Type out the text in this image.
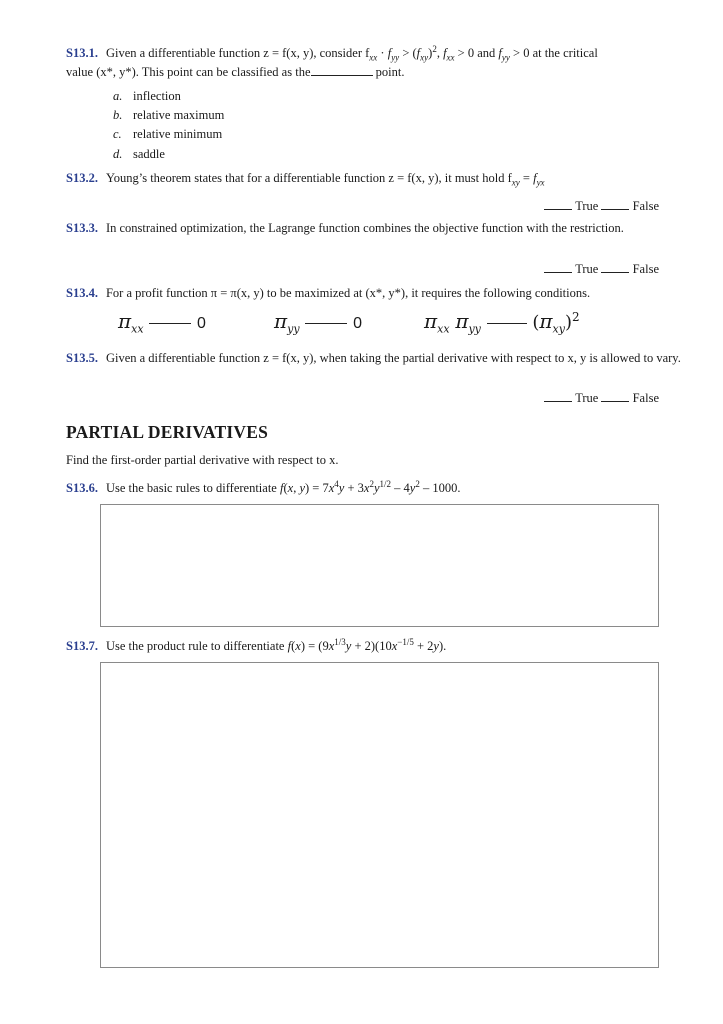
S13.1. Given a differentiable function z = f(x, y), consider $f_{xx} \cdot f_{yy} > (f_{xy})^2$, $f_{xx} > 0$ and $f_{yy} > 0$ at the critical
value (x*, y*). This point can be classified as the	point.
a. inflection
b. relative maximum
c. relative minimum
d. saddle
S13.2. Young’s theorem states that for a differentiable function z = f(x, y), it must hold $f_{xy} = f_{yx}$
True	False
S13.3. In constrained optimization, the Lagrange function combines the objective function with the restriction.
True	False
S13.4. For a profit function π = π(x, y) to be maximized at (x*, y*), it requires the following conditions.
$\pi_{xx}$	0	$\pi_{yy}$	0	$\pi_{xx}$ $\pi_{yy}$	$(\pi_{xy})^2$
S13.5. Given a differentiable function z = f(x, y), when taking the partial derivative with respect to x, y is allowed to vary.
True	False
PARTIAL DERIVATIVES
Find the first-order partial derivative with respect to x.
S13.6. Use the basic rules to differentiate f(x, $y) = 7x^4y + 3x^2y^{1/2} - 4y^2 - 1000$.
S13.7. Use the product rule to differentiate $f(x) = (9x^{1/3}y + 2)(10x^{-1/5} + 2y)$.
